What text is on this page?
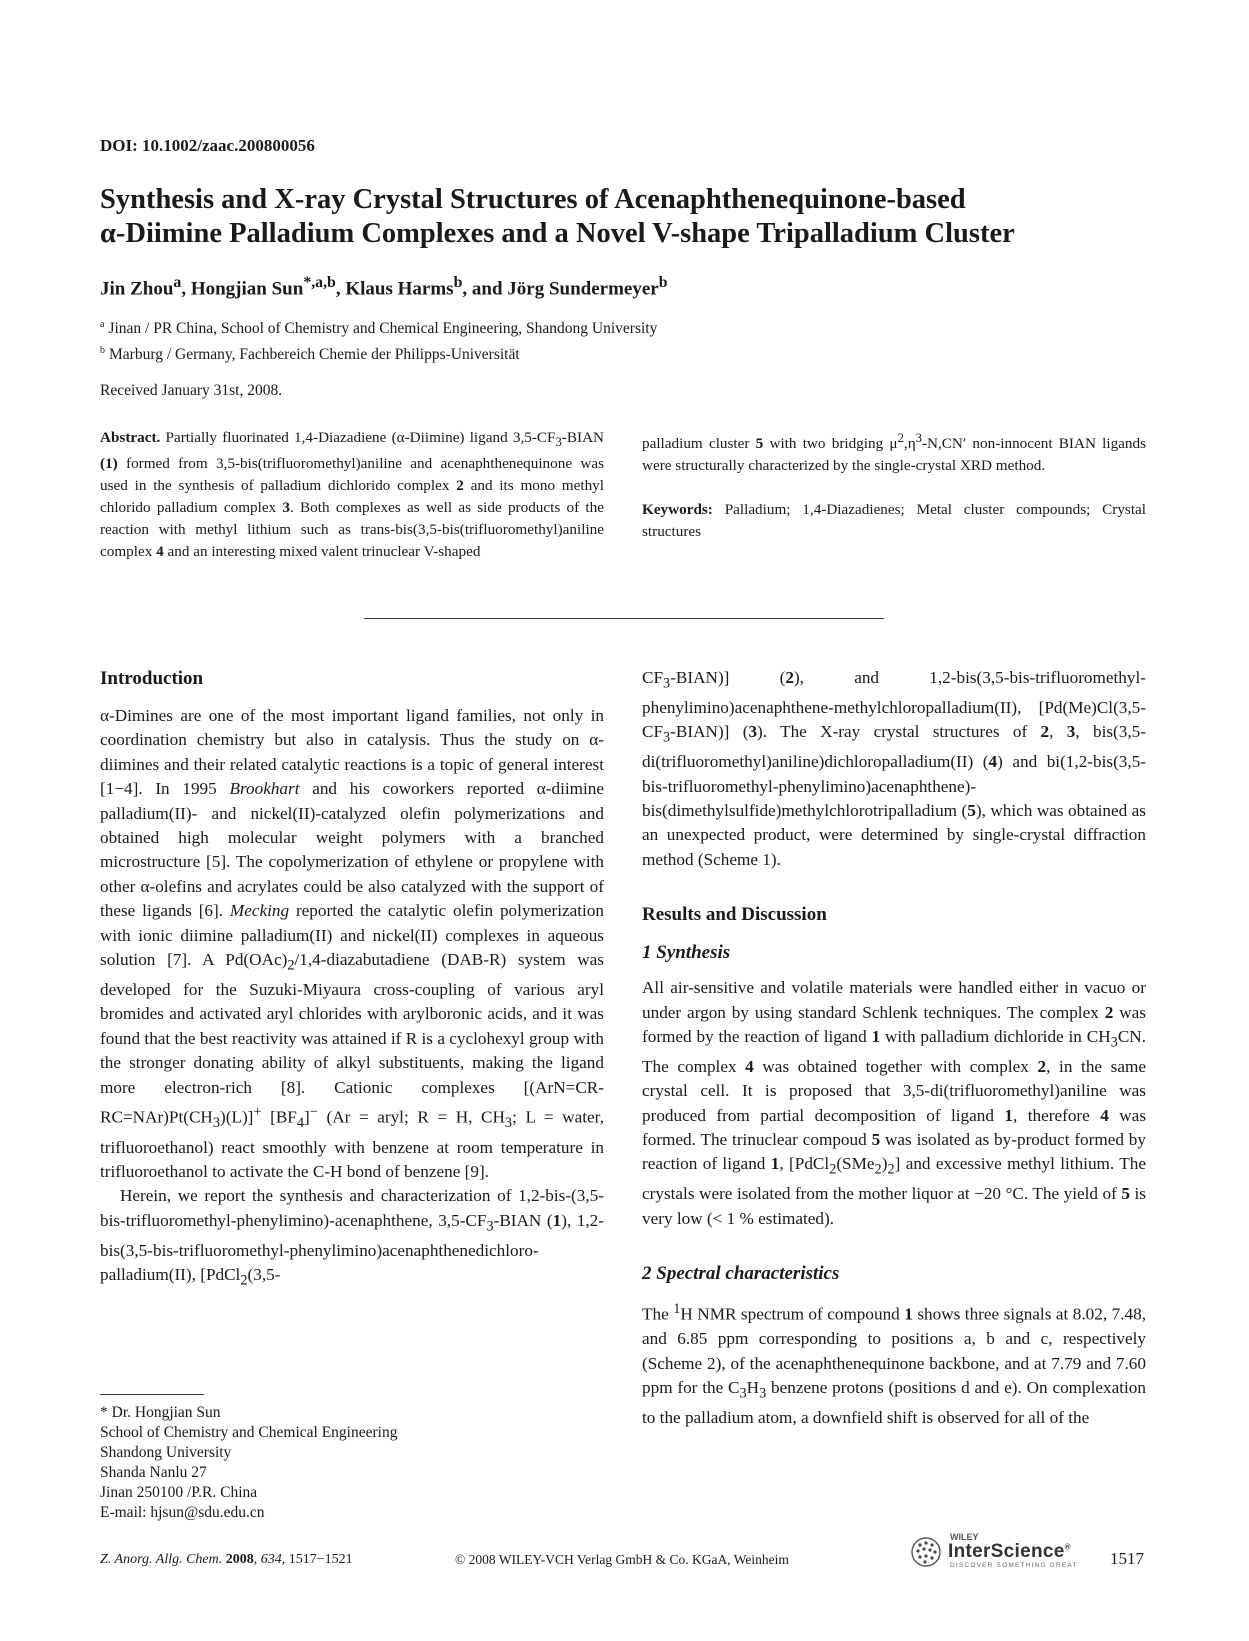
DOI: 10.1002/zaac.200800056
Synthesis and X-ray Crystal Structures of Acenaphthenequinone-based
α-Diimine Palladium Complexes and a Novel V-shape Tripalladium Cluster
Jin Zhou$^a$, Hongjian Sun$^{*,a,b}$, Klaus Harms$^b$, and Jörg Sundermeyer$^b$
$^a$ Jinan / PR China, School of Chemistry and Chemical Engineering, Shandong University
$^b$ Marburg / Germany, Fachbereich Chemie der Philipps-Universität
Received January 31st, 2008.
Abstract. Partially fluorinated 1,4-Diazadiene (α-Diimine) ligand $3,5-CF_3$-BIAN (1) formed from 3,5-bis(trifluoromethyl)aniline and acenaphthenequinone was used in the synthesis of palladium dichlorido complex 2 and its mono methyl chlorido palladium complex 3. Both complexes as well as side products of the reaction with methyl lithium such as trans-bis(3,5-bis(trifluoromethyl)aniline complex 4 and an interesting mixed valent trinuclear V-shaped
palladium cluster 5 with two bridging $\mu^2,\eta^3-N,CN'$ non-innocent BIAN ligands were structurally characterized by the single-crystal XRD method.
Keywords: Palladium; 1,4-Diazadienes; Metal cluster compounds; Crystal structures
Introduction

α-Dimines are one of the most important ligand families, not only in coordination chemistry but also in catalysis. Thus the study on α-diimines and their related catalytic reactions is a topic of general interest [1−4]. In 1995 Brookhart and his coworkers reported α-diimine palladium(II)- and nickel(II)-catalyzed olefin polymerizations and obtained high molecular weight polymers with a branched microstructure [5]. The copolymerization of ethylene or propylene with other α-olefins and acrylates could be also catalyzed with the support of these ligands [6]. Mecking reported the catalytic olefin polymerization with ionic diimine palladium(II) and nickel(II) complexes in aqueous solution [7]. A $Pd(OAc)_2/1,4$-diazabutadiene (DAB-R) system was developed for the Suzuki-Miyaura cross-coupling of various aryl bromides and activated aryl chlorides with arylboronic acids, and it was found that the best reactivity was attained if R is a cyclohexyl group with the stronger donating ability of alkyl substituents, making the ligand more electron-rich [8]. Cationic complexes $[(ArN=CR-RC=NAr)Pt(CH_3)(L)]^+$ $[BF_4]^-$ (Ar = aryl; R = H, $CH_3$; L = water, trifluoroethanol) react smoothly with benzene at room temperature in trifluoroethanol to activate the C-H bond of benzene [9].

Herein, we report the synthesis and characterization of 1,2-bis-(3,5-bis-trifluoromethyl-phenylimino)-acenaphthene, $3,5-CF_3$-BIAN (1), 1,2-bis(3,5-bis-trifluoromethyl-phenylimino)acenaphthenedichloro-palladium(II), [PdCl$_2$(3,5-

$CF_3-BIAN$)] (2), and 1,2-bis(3,5-bis-trifluoromethyl-phenylimino)acenaphthene-methylchloropalladium(II), $[Pd(Me)Cl(3,5-CF_3-BIAN)]$ (3). The X-ray crystal structures of 2, 3, bis(3,5-di(trifluoromethyl)aniline)dichloropalladium(II) (4) and bi(1,2-bis(3,5-bis-trifluoromethyl-phenylimino)acenaphthene)-bis(dimethylsulfide)methylchlorotripalladium (5), which was obtained as an unexpected product, were determined by single-crystal diffraction method (Scheme 1).

Results and Discussion
1 Synthesis

All air-sensitive and volatile materials were handled either in vacuo or under argon by using standard Schlenk techniques. The complex 2 was formed by the reaction of ligand 1 with palladium dichloride in $CH_3CN$. The complex 4 was obtained together with complex 2, in the same crystal cell. It is proposed that 3,5-di(trifluoromethyl)aniline was produced from partial decomposition of ligand 1, therefore 4 was formed. The trinuclear compoud 5 was isolated as by-product formed by reaction of ligand 1, $[PdCl_2(SMe_2)_2]$ and excessive methyl lithium. The crystals were isolated from the mother liquor at −20 °C. The yield of 5 is very low (< 1 % estimated).

2 Spectral characteristics

The $^1$H NMR spectrum of compound 1 shows three signals at 8.02, 7.48, and 6.85 ppm corresponding to positions a, b and c, respectively (Scheme 2), of the acenaphthenequinone backbone, and at 7.79 and 7.60 ppm for the $C_3H_3$ benzene protons (positions d and e). On complexation to the palladium atom, a downfield shift is observed for all of the

* Dr. Hongjian Sun
School of Chemistry and Chemical Engineering
Shandong University
Shanda Nanlu 27
Jinan 250100 /P.R. China
E-mail: hjsun@sdu.edu.cn
Z. Anorg. Allg. Chem. 2008, 634, 1517−1521	© 2008 WILEY-VCH Verlag GmbH & Co. KGaA, Weinheim
WILEY
InterScience®
DISCOVER SOMETHING GREAT 1517
